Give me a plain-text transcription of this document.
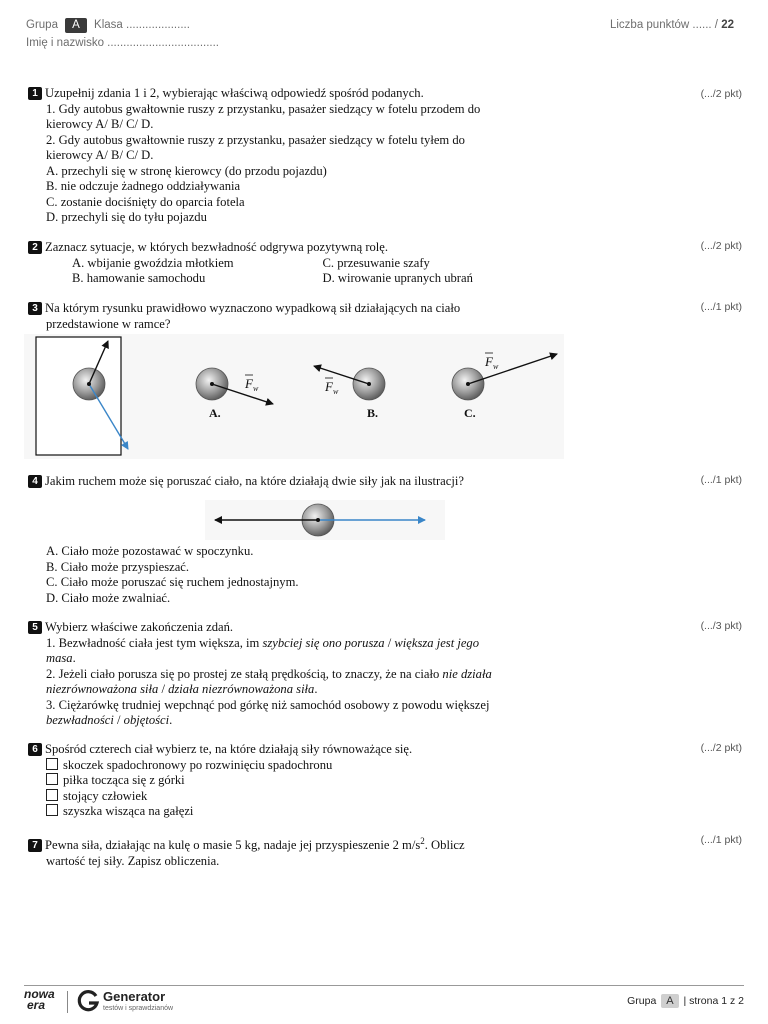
Grupa A Klasa ....................
Imię i nazwisko ...................................
Liczba punktów ...... / 22
1 Uzupełnij zdania 1 i 2, wybierając właściwą odpowiedź spośród podanych.
1. Gdy autobus gwałtownie ruszy z przystanku, pasażer siedzący w fotelu przodem do
kierowcy A/ B/ C/ D.
2. Gdy autobus gwałtownie ruszy z przystanku, pasażer siedzący w fotelu tyłem do
kierowcy A/ B/ C/ D.
A. przechyli się w stronę kierowcy (do przodu pojazdu)
B. nie odczuje żadnego oddziaływania
C. zostanie dociśnięty do oparcia fotela
D. przechyli się do tyłu pojazdu
(.../2 pkt)
2 Zaznacz sytuacje, w których bezwładność odgrywa pozytywną rolę.
A. wbijanie gwoździa młotkiem	C. przesuwanie szafy
B. hamowanie samochodu	D. wirowanie upranych ubrań
(.../2 pkt)
3 Na którym rysunku prawidłowo wyznaczono wypadkową sił działających na ciało
przedstawione w ramce?
(.../1 pkt)
$F_w$
A.
$F_w$
B.
$F_w$
C.
4 Jakim ruchem może się poruszać ciało, na które działają dwie siły jak na ilustracji?	(.../1 pkt)
A. Ciało może pozostawać w spoczynku.
B. Ciało może przyspieszać.
C. Ciało może poruszać się ruchem jednostajnym.
D. Ciało może zwalniać.
5 Wybierz właściwe zakończenia zdań.
1. Bezwładność ciała jest tym większa, im szybciej się ono porusza / większa jest jego
masa.
2. Jeżeli ciało porusza się po prostej ze stałą prędkością, to znaczy, że na ciało nie działa
niezrównoważona siła / działa niezrównoważona siła.
3. Ciężarówkę trudniej wepchnąć pod górkę niż samochód osobowy z powodu większej
bezwładności / objętości.
(.../3 pkt)
6 Spośród czterech ciał wybierz te, na które działają siły równoważące się.
skoczek spadochronowy po rozwinięciu spadochronu
piłka tocząca się z górki
stojący człowiek
szyszka wisząca na gałęzi
(.../2 pkt)
7 Pewna siła, działając na kulę o masie 5 kg, nadaje jej przyspieszenie 2 $m/s^2$. Oblicz
wartość tej siły. Zapisz obliczenia.
(.../1 pkt)
nowa
era
Generator
testów i sprawdzianów
Grupa A | strona 1 z 2
